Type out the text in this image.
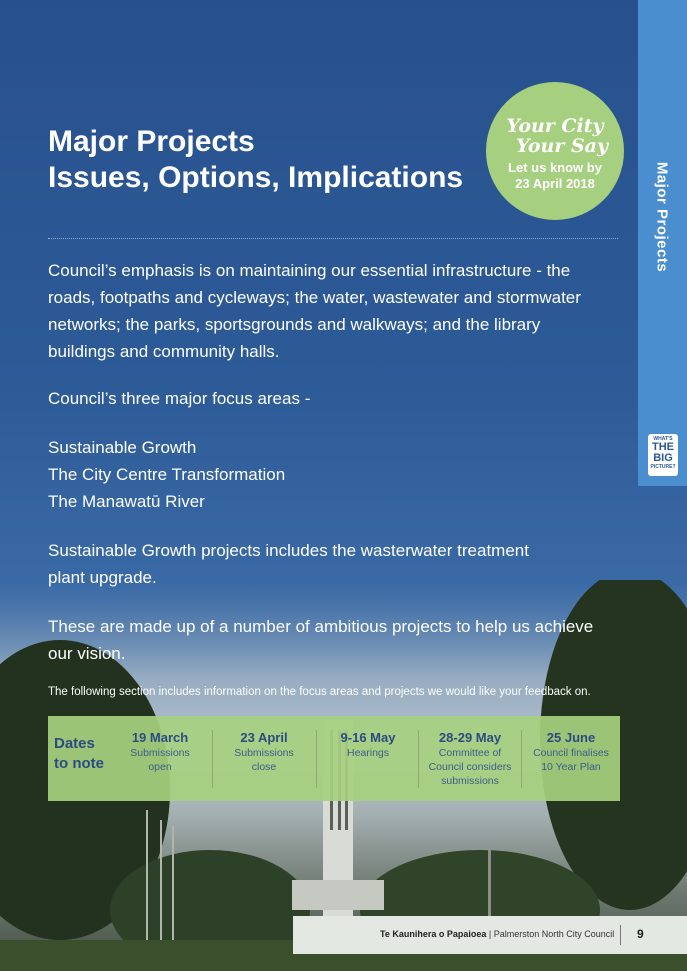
Major Projects
WHAT'S
THE
BIG
PICTURE?
Major Projects
Issues, Options, Implications
Your City
Your Say
Let us know by
23 April 2018

Council’s emphasis is on maintaining our essential infrastructure - the
roads, footpaths and cycleways; the water, wastewater and stormwater
networks; the parks, sportsgrounds and walkways; and the library
buildings and community halls.

Council’s three major focus areas -

Sustainable Growth
The City Centre Transformation
The Manawatū River

Sustainable Growth projects includes the wasterwater treatment
plant upgrade.

These are made up of a number of ambitious projects to help us achieve
our vision.

The following section includes information on the focus areas and projects we would like your feedback on.
Dates
to note
19 March
Submissions
open
23 April
Submissions
close
9-16 May
Hearings
28-29 May
Committee of
Council considers
submissions
25 June
Council finalises
10 Year Plan
Te Kaunihera o Papaioea | Palmerston North City Council 9
